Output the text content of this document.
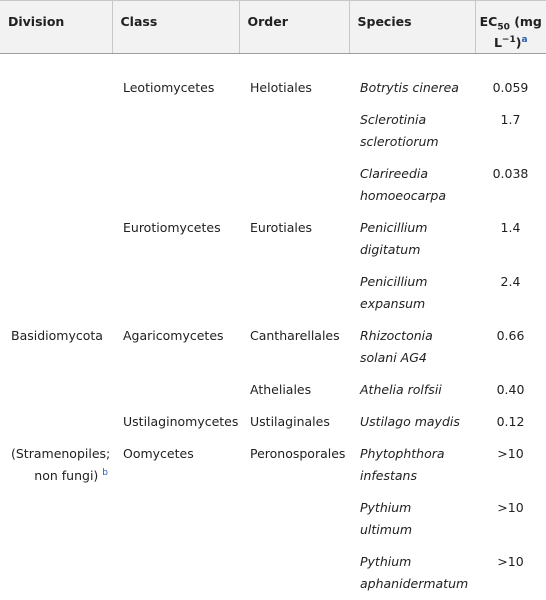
Division	Class	Order	Species	$EC_{50}$ (mg
$L^{-1})^a$

	Leotiomycetes	Helotiales	Botrytis cinerea	0.059
			Sclerotinia sclerotiorum	1.7
			Clarireedia homoeocarpa	0.038
	Eurotiomycetes	Eurotiales	Penicillium digitatum	1.4
			Penicillium expansum	2.4
Basidiomycota	Agaricomycetes	Cantharellales	Rhizoctonia solani AG4	0.66
		Atheliales	Athelia rolfsii	0.40
	Ustilaginomycetes	Ustilaginales	Ustilago maydis	0.12
(Stramenopiles;
non fungi) $^b$	Oomycetes	Peronosporales	Phytophthora infestans	>10
			Pythium ultimum	>10
			Pythium aphanidermatum	>10
